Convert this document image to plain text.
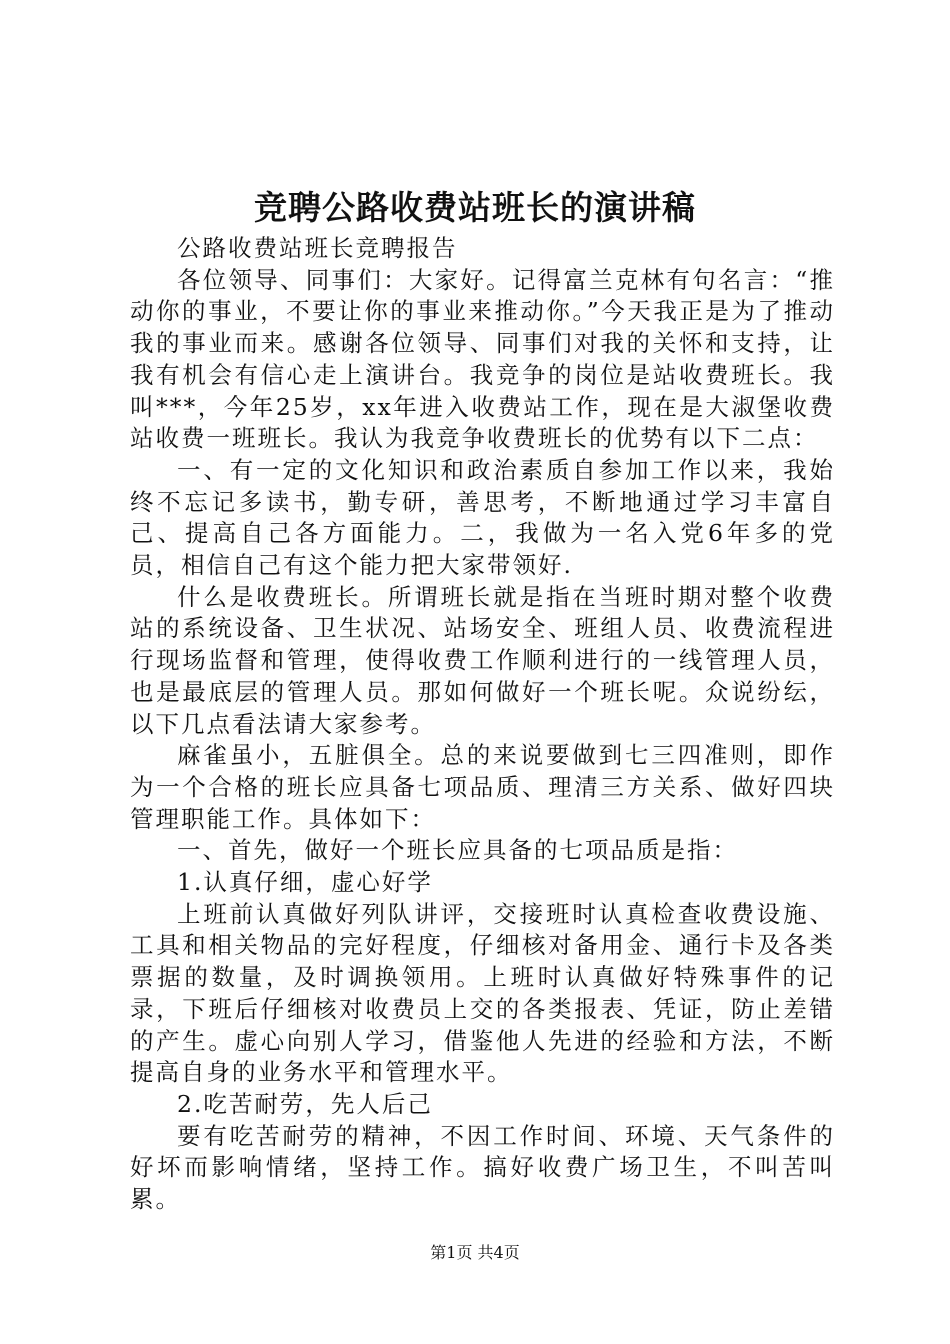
竞聘公路收费站班长的演讲稿

公路收费站班长竞聘报告

各位领导、同事们：大家好。记得富兰克林有句名言：“推动你的事业，不要让你的事业来推动你。”今天我正是为了推动我的事业而来。感谢各位领导、同事们对我的关怀和支持，让我有机会有信心走上演讲台。我竞争的岗位是站收费班长。我叫***，今年25岁，xx年进入收费站工作，现在是大淑堡收费站收费一班班长。我认为我竞争收费班长的优势有以下二点：

一、有一定的文化知识和政治素质自参加工作以来，我始终不忘记多读书，勤专研，善思考，不断地通过学习丰富自己、提高自己各方面能力。二，我做为一名入党6年多的党员，相信自己有这个能力把大家带领好.

什么是收费班长。所谓班长就是指在当班时期对整个收费站的系统设备、卫生状况、站场安全、班组人员、收费流程进行现场监督和管理，使得收费工作顺利进行的一线管理人员，也是最底层的管理人员。那如何做好一个班长呢。众说纷纭，以下几点看法请大家参考。

麻雀虽小，五脏俱全。总的来说要做到七三四准则，即作为一个合格的班长应具备七项品质、理清三方关系、做好四块管理职能工作。具体如下：

一、首先，做好一个班长应具备的七项品质是指：

1.认真仔细，虚心好学

上班前认真做好列队讲评，交接班时认真检查收费设施、工具和相关物品的完好程度，仔细核对备用金、通行卡及各类票据的数量，及时调换领用。上班时认真做好特殊事件的记录，下班后仔细核对收费员上交的各类报表、凭证，防止差错的产生。虚心向别人学习，借鉴他人先进的经验和方法，不断提高自身的业务水平和管理水平。

2.吃苦耐劳，先人后己

要有吃苦耐劳的精神，不因工作时间、环境、天气条件的好坏而影响情绪，坚持工作。搞好收费广场卫生，不叫苦叫累。

第1页 共4页
